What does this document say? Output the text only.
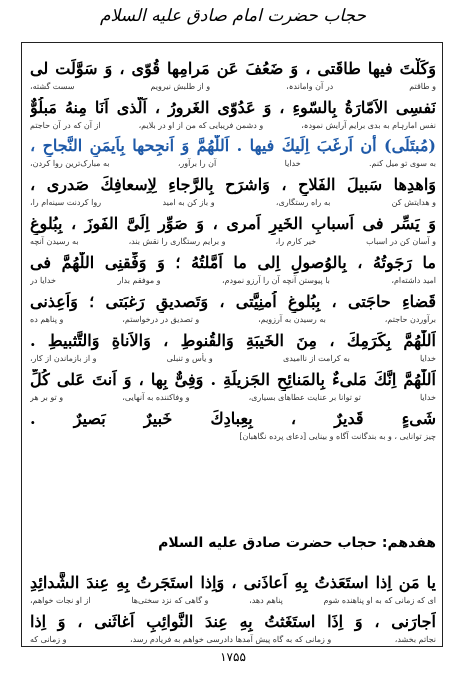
حجاب حضرت امام صادق علیه السلام
وَكَلْتَ فيها طاقَتى ، وَ ضَعُفَ عَن مَرامِها قُوّى ، وَ سَوَّلَت لى
و طاقتم
در آن واماندہ،
و از طلبش نیرویم
سست گشته،
نَفسِى الاَمّارَةُ بِالسّوءِ ، وَ عَدُوّى الغَرورُ ، اَلَّذى اَنَا مِنهُ مَبلُوٌّ
نفس امارہام به بدی برایم آرایش نمودہ،
و دشمن فریبایی که من از او در بلایم،
از آن که در آن حاجتم
(مُبتَلَى) أن اَرغَبَ اِلَيكَ فيها . اَللّٰهُمَّ وَ اَنجِحها بِاَيمَنِ النَّجاحِ ،
به سوی تو میل کنم.
خدایا
آن را برآور،
به مبارک‌ترین روا کردن،
وَاهدِها سَبيلَ الفَلاحِ ، وَاشرَح بِالرَّجاءِ لِاِسعافِكَ صَدرى ،
و هدایتش کن
به راه رستگاری،
و باز کن به امید
روا کردنت سینه‌ام را،
وَ يَسِّر فى اَسبابِ الخَيرِ اَمرى ، وَ صَوِّر اِلَىَّ الفَوزَ ، بِبُلوغِ
و آسان کن در اسباب
خیر کارم را،
و برایم رستگاری را نقش بند،
به رسیدن آنچه
ما رَجَوتُهُ ، بِالوُصولِ اِلى ما اَمَّلتُهُ ؛ وَ وَفِّقنِى اللّٰهُمَّ فى
امید داشته‌ام،
با پیوستن آنچه آن را آرزو نمودم،
و موفقم بدار
خدایا در
قَضاءِ حاجَتى ، بِبُلوغِ اُمنِيَّتى ، وَتَصديقِ رَغبَتى ؛ وَاَعِذنى
برآوردن حاجتم،
به رسیدن به آرزویم،
و تصدیق در درخواستم،
و پناهم ده
اَللّٰهُمَّ بِكَرَمِكَ ، مِنَ الخَيبَةِ وَالقُنوطِ ، وَالاَناةِ وَالتَّثبيطِ .
خدایا
به کرامت از ناامیدی
و یأس و تنبلی
و از بازماندن از کار،
اَللّٰهُمَّ اِنَّكَ مَلىءٌ بِالمَنائِحِ الجَزيلَةِ . وَفِىٌّ بِها ، وَ اَنتَ عَلى كُلِّ
خدایا
تو توانا بر عنایت عطاهای بسیاری،
و وفاکننده به آنهایی،
و تو بر هر
شَىءٍ قَديرٌ ، بِعِبادِكَ خَبيرٌ بَصيرٌ .
چیز توانایی ، و به بندگانت آگاه و بینایی [دعای پرده نگاهبان]
يا مَن اِذا استَعَذتُ بِهِ اَعاذَنى ، وَاِذا استَجَرتُ بِهِ عِندَ الشَّدائِدِ
ای که زمانی که به او پناهنده شوم
پناهم دهد،
و گاهی که نزد سختی‌ها
از او نجات خواهم،
اَجارَنى ، وَ اِذَا استَغَثتُ بِهِ عِندَ النَّوائِبِ اَغاثَنى ، وَ اِذا
نجاتم بخشد،
و زمانی که به گاه پیش آمدها دادرسی خواهم به فریادم رسد،
و زمانی که
هفدهم: حجاب حضرت صادق علیه السلام
۱۷۵۵
